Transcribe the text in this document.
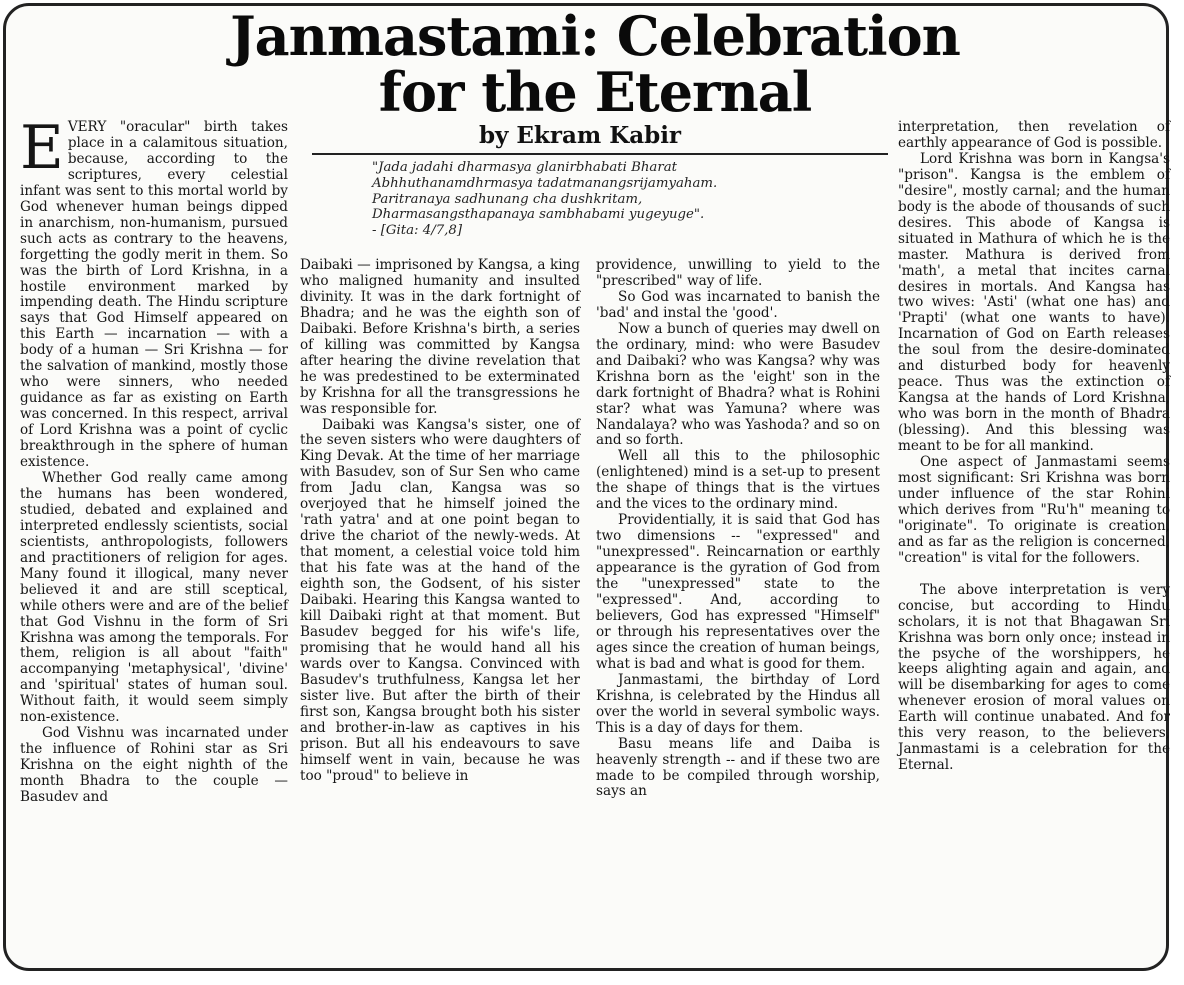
Janmastami: Celebration for the Eternal
by Ekram Kabir
"Jada jadahi dharmasya glanirbhabati Bharat
Abhhuthanamdhrmasya tadatmanangsrijamyaham.
Paritranaya sadhunang cha dushkritam,
Dharmasangsthapanaya sambhabami yugeyuge".
- [Gita: 4/7,8]

EVERY "oracular" birth takes place in a calamitous situation, because, according to the scriptures, every celestial infant was sent to this mortal world by God whenever human beings dipped in anarchism, non-humanism, pursued such acts as contrary to the heavens, forgetting the godly merit in them. So was the birth of Lord Krishna, in a hostile environment marked by impending death. The Hindu scripture says that God Himself appeared on this Earth — incarnation — with a body of a human — Sri Krishna — for the salvation of mankind, mostly those who were sinners, who needed guidance as far as existing on Earth was concerned. In this respect, arrival of Lord Krishna was a point of cyclic breakthrough in the sphere of human existence.

Whether God really came among the humans has been wondered, studied, debated and explained and interpreted endlessly scientists, social scientists, anthropologists, followers and practitioners of religion for ages. Many found it illogical, many never believed it and are still sceptical, while others were and are of the belief that God Vishnu in the form of Sri Krishna was among the temporals. For them, religion is all about "faith" accompanying 'metaphysical', 'divine' and 'spiritual' states of human soul. Without faith, it would seem simply non-existence.

God Vishnu was incarnated under the influence of Rohini star as Sri Krishna on the eight nighth of the month Bhadra to the couple — Basudev and

Daibaki — imprisoned by Kangsa, a king who maligned humanity and insulted divinity. It was in the dark fortnight of Bhadra; and he was the eighth son of Daibaki. Before Krishna's birth, a series of killing was committed by Kangsa after hearing the divine revelation that he was predestined to be exterminated by Krishna for all the transgressions he was responsible for.

Daibaki was Kangsa's sister, one of the seven sisters who were daughters of King Devak. At the time of her marriage with Basudev, son of Sur Sen who came from Jadu clan, Kangsa was so overjoyed that he himself joined the 'rath yatra' and at one point began to drive the chariot of the newly-weds. At that moment, a celestial voice told him that his fate was at the hand of the eighth son, the Godsent, of his sister Daibaki. Hearing this Kangsa wanted to kill Daibaki right at that moment. But Basudev begged for his wife's life, promising that he would hand all his wards over to Kangsa. Convinced with Basudev's truthfulness, Kangsa let her sister live. But after the birth of their first son, Kangsa brought both his sister and brother-in-law as captives in his prison. But all his endeavours to save himself went in vain, because he was too "proud" to believe in

providence, unwilling to yield to the "prescribed" way of life.

So God was incarnated to banish the 'bad' and instal the 'good'.

Now a bunch of queries may dwell on the ordinary, mind: who were Basudev and Daibaki? who was Kangsa? why was Krishna born as the 'eight' son in the dark fortnight of Bhadra? what is Rohini star? what was Yamuna? where was Nandalaya? who was Yashoda? and so on and so forth.

Well all this to the philosophic (enlightened) mind is a set-up to present the shape of things that is the virtues and the vices to the ordinary mind.

Providentially, it is said that God has two dimensions -- "expressed" and "unexpressed". Reincarnation or earthly appearance is the gyration of God from the "unexpressed" state to the "expressed". And, according to believers, God has expressed "Himself" or through his representatives over the ages since the creation of human beings, what is bad and what is good for them.

Janmastami, the birthday of Lord Krishna, is celebrated by the Hindus all over the world in several symbolic ways. This is a day of days for them.

Basu means life and Daiba is heavenly strength -- and if these two are made to be compiled through worship, says an

interpretation, then revelation of earthly appearance of God is possible.

Lord Krishna was born in Kangsa's "prison". Kangsa is the emblem of "desire", mostly carnal; and the human body is the abode of thousands of such desires. This abode of Kangsa is situated in Mathura of which he is the master. Mathura is derived from 'math', a metal that incites carnal desires in mortals. And Kangsa has two wives: 'Asti' (what one has) and 'Prapti' (what one wants to have). Incarnation of God on Earth releases the soul from the desire-dominated and disturbed body for heavenly peace. Thus was the extinction of Kangsa at the hands of Lord Krishna, who was born in the month of Bhadra (blessing). And this blessing was meant to be for all mankind.

One aspect of Janmastami seems most significant: Sri Krishna was born under influence of the star Rohini which derives from "Ru'h" meaning to "originate". To originate is creation, and as far as the religion is concerned, "creation" is vital for the followers.

The above interpretation is very concise, but according to Hindu scholars, it is not that Bhagawan Sri Krishna was born only once; instead in the psyche of the worshippers, he keeps alighting again and again, and will be disembarking for ages to come whenever erosion of moral values on Earth will continue unabated. And for this very reason, to the believers, Janmastami is a celebration for the Eternal.
